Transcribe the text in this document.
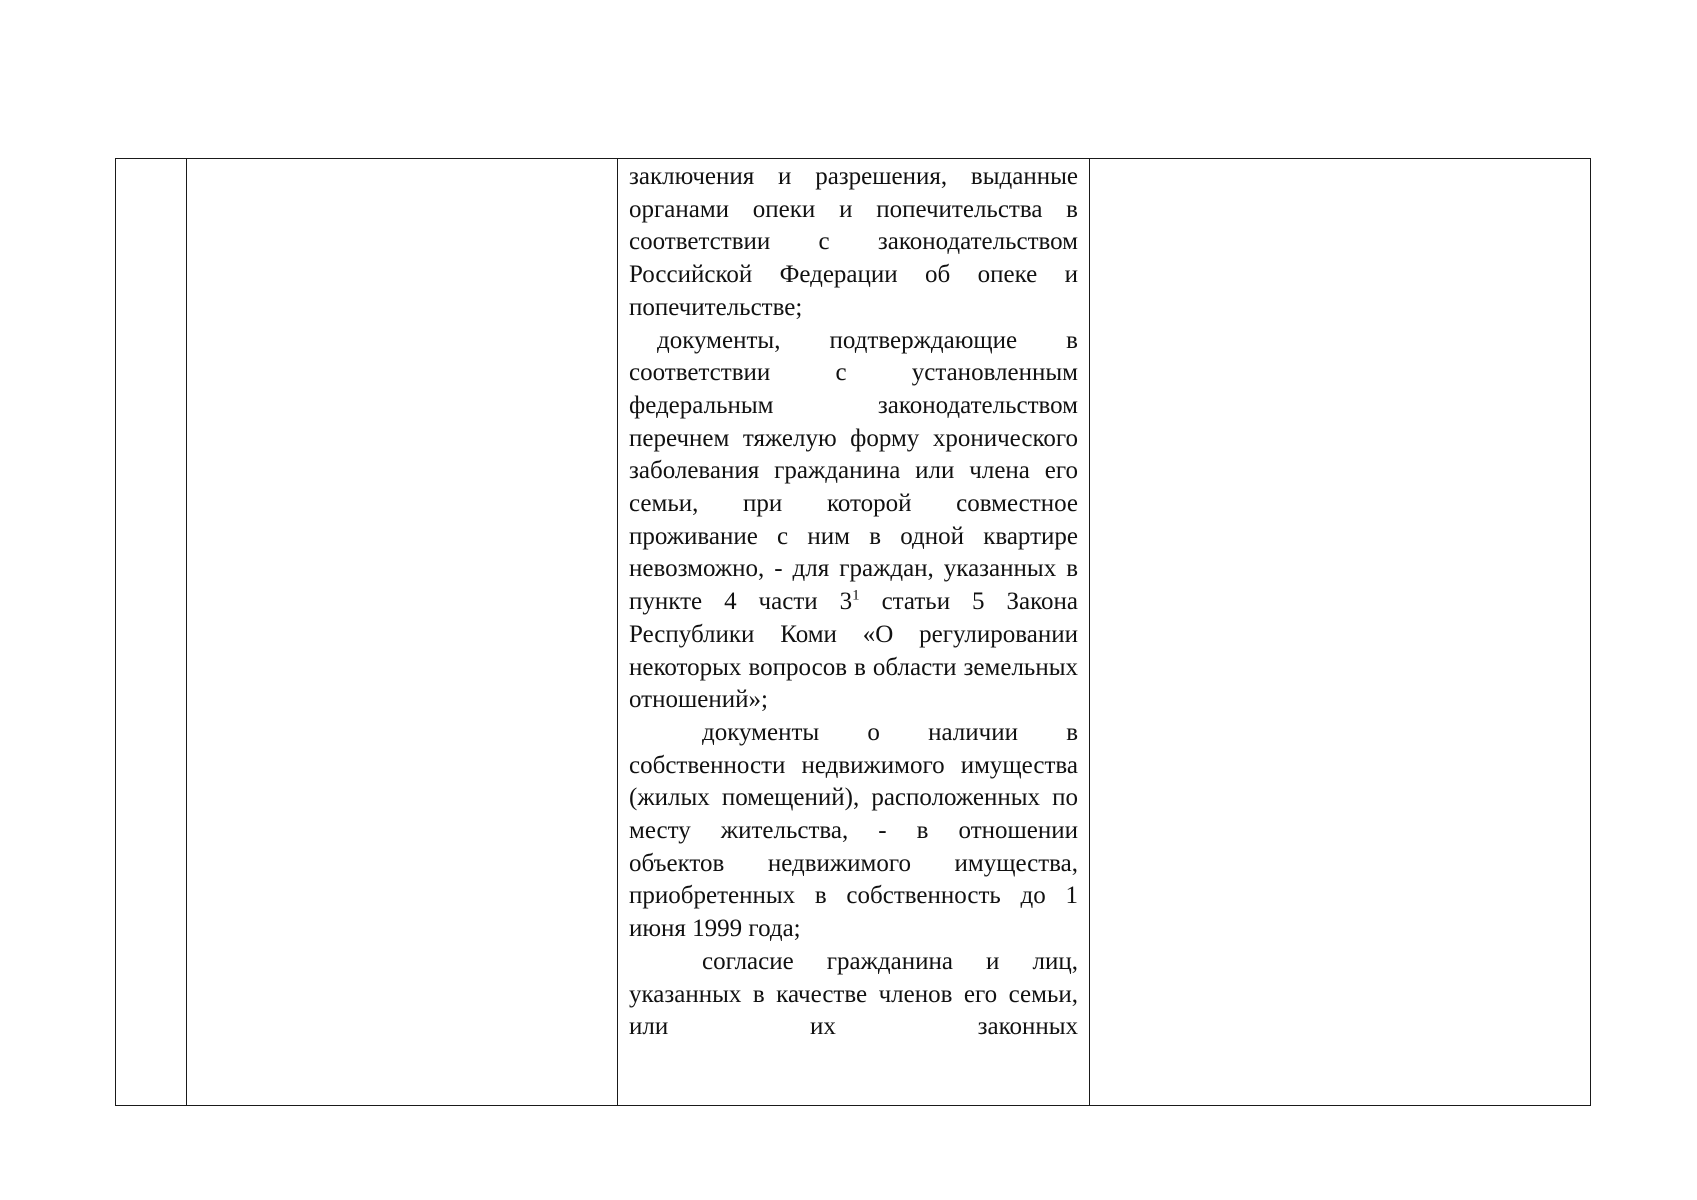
заключения и разрешения, выданные органами опеки и попечительства в соответствии с законодательством Российской Федерации об опеке и попечительстве;
документы, подтверждающие в соответствии с установленным федеральным законодательством перечнем тяжелую форму хронического заболевания гражданина или члена его семьи, при которой совместное проживание с ним в одной квартире невозможно, - для граждан, указанных в пункте 4 части $3^1$ статьи 5 Закона Республики Коми «О регулировании некоторых вопросов в области земельных отношений»;
документы о наличии в собственности недвижимого имущества (жилых помещений), расположенных по месту жительства, - в отношении объектов недвижимого имущества, приобретенных в собственность до 1 июня 1999 года;
согласие гражданина и лиц, указанных в качестве членов его семьи, или их законных
